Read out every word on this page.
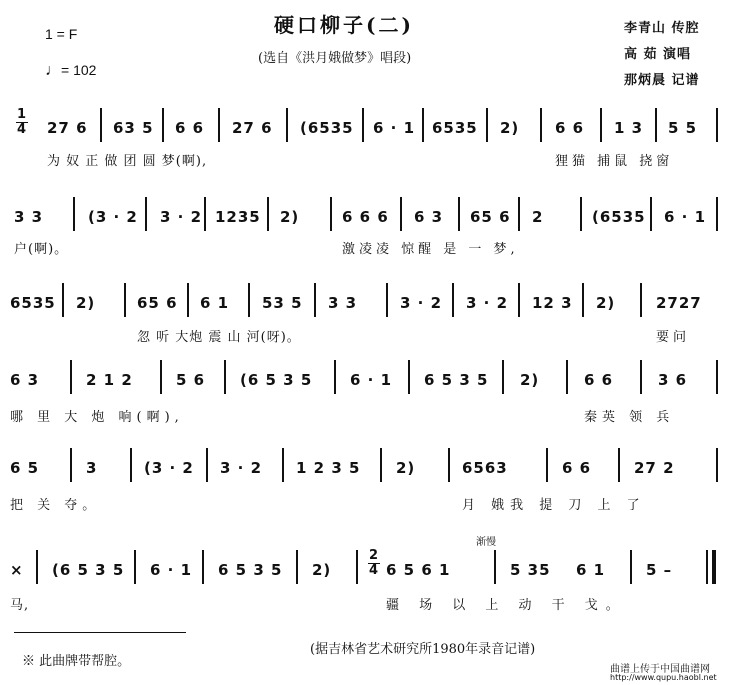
硬口柳子(二)
(选自《洪月娥做梦》唱段)
1 = F
♩= 102
李青山 传腔
高 茹 演唱
那炳晨 记谱
1
4 27 6 63 5 6 6 27 6 (6535 6 · 1 6535 2) 6 6 1 3 5 5
为 奴 正 做 团 圆 梦(啊),	狸猫 捕鼠 挠窗
3 3	(3 · 2 3 · 2 1235 2)	6 6 6 6 3 65 6 2	(6535 6 · 1
户(啊)。	激凌凌 惊醒 是 一 梦,
6535 2)	65 6 6 1 53 5 3 3	3 · 2 3 · 2 12 3 2)	2727
忽 听 大炮 震 山 河(呀)。	要问
6 3	2 1 2	5 6 (6 5 3 5	6 · 1 6 5 3 5 2)	6 6	3 6
哪 里 大 炮 响(啊),	秦英 领 兵
6 5	3	(3 · 2 3 · 2 1 2 3 5 2)	6563	6 6	27 2
把 关 夺。	月 娥我 提 刀 上 了
渐慢
× (6 5 3 5 6 · 1 6 5 3 5 2)
2
4 6 5 6 1	5 35 6 1	5 –
马,	疆 场 以 上 动 干 戈。
※ 此曲牌带帮腔。
(据吉林省艺术研究所1980年录音记谱)
曲谱上传于中国曲谱网
http://www.qupu.haobl.net
